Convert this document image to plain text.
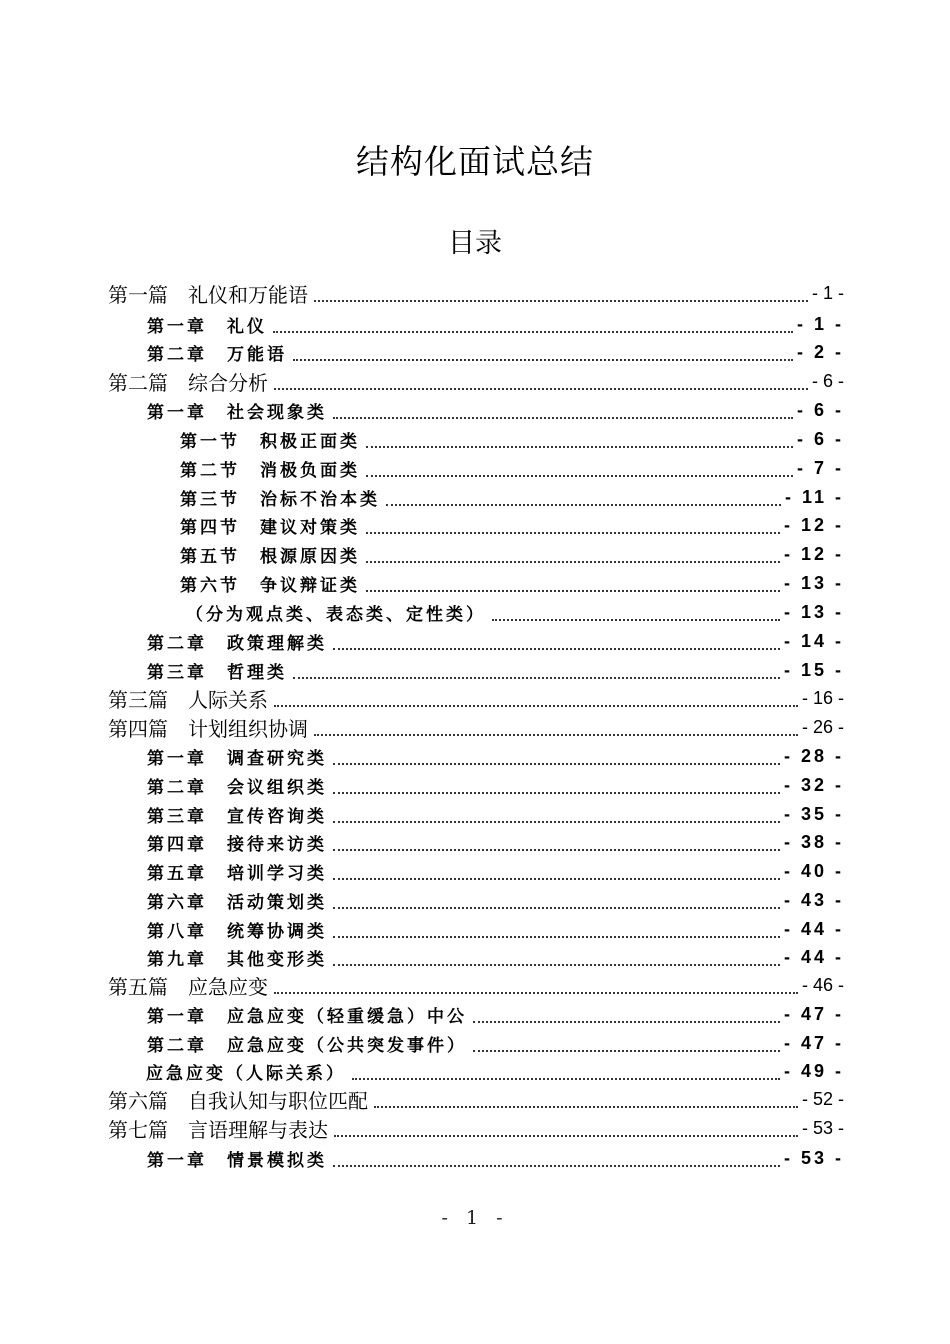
结构化面试总结
目录
第一篇　礼仪和万能语	- 1 -
第一章　礼仪	- 1 -
第二章　万能语	- 2 -
第二篇　综合分析	- 6 -
第一章　社会现象类	- 6 -
第一节　积极正面类	- 6 -
第二节　消极负面类	- 7 -
第三节　治标不治本类	- 11 -
第四节　建议对策类	- 12 -
第五节　根源原因类	- 12 -
第六节　争议辩证类	- 13 -
（分为观点类、表态类、定性类）	- 13 -
第二章　政策理解类	- 14 -
第三章　哲理类	- 15 -
第三篇　人际关系	- 16 -
第四篇　计划组织协调	- 26 -
第一章　调查研究类	- 28 -
第二章　会议组织类	- 32 -
第三章　宣传咨询类	- 35 -
第四章　接待来访类	- 38 -
第五章　培训学习类	- 40 -
第六章　活动策划类	- 43 -
第八章　统筹协调类	- 44 -
第九章　其他变形类	- 44 -
第五篇　应急应变	- 46 -
第一章　应急应变（轻重缓急）中公	- 47 -
第二章　应急应变（公共突发事件）	- 47 -
应急应变（人际关系）	- 49 -
第六篇　自我认知与职位匹配	- 52 -
第七篇　言语理解与表达	- 53 -
第一章　情景模拟类	- 53 -
- 1 -
